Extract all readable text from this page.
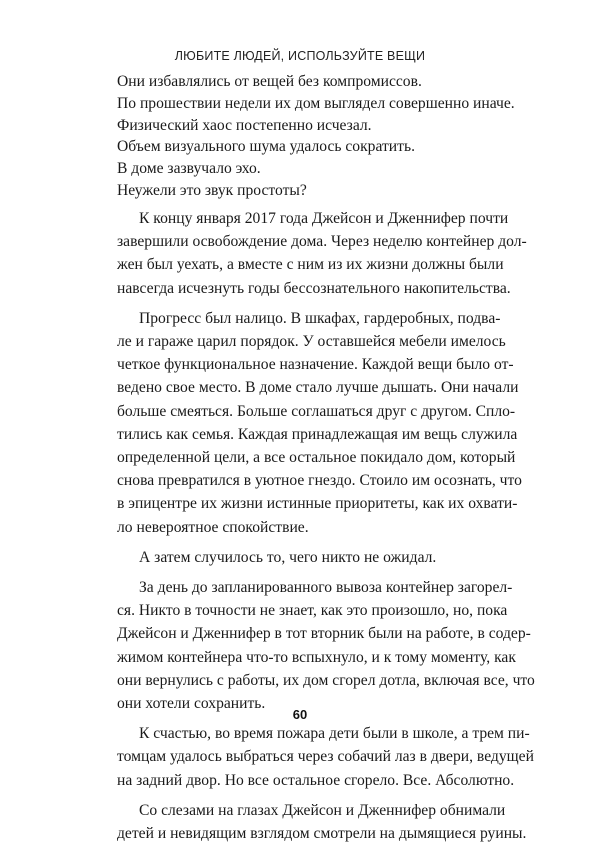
ЛЮБИТЕ ЛЮДЕЙ, ИСПОЛЬЗУЙТЕ ВЕЩИ
Они избавлялись от вещей без компромиссов.
По прошествии недели их дом выглядел совершенно иначе.
Физический хаос постепенно исчезал.
Объем визуального шума удалось сократить.
В доме зазвучало эхо.
Неужели это звук простоты?
К концу января 2017 года Джейсон и Дженнифер почти
завершили освобождение дома. Через неделю контейнер дол-
жен был уехать, а вместе с ним из их жизни должны были
навсегда исчезнуть годы бессознательного накопительства.
Прогресс был налицо. В шкафах, гардеробных, подва-
ле и гараже царил порядок. У оставшейся мебели имелось
четкое функциональное назначение. Каждой вещи было от-
ведено свое место. В доме стало лучше дышать. Они начали
больше смеяться. Больше соглашаться друг с другом. Спло-
тились как семья. Каждая принадлежащая им вещь служила
определенной цели, а все остальное покидало дом, который
снова превратился в уютное гнездо. Стоило им осознать, что
в эпицентре их жизни истинные приоритеты, как их охвати-
ло невероятное спокойствие.
А затем случилось то, чего никто не ожидал.
За день до запланированного вывоза контейнер загорел-
ся. Никто в точности не знает, как это произошло, но, пока
Джейсон и Дженнифер в тот вторник были на работе, в содер-
жимом контейнера что-то вспыхнуло, и к тому моменту, как
они вернулись с работы, их дом сгорел дотла, включая все, что
они хотели сохранить.
К счастью, во время пожара дети были в школе, а трем пи-
томцам удалось выбраться через собачий лаз в двери, ведущей
на задний двор. Но все остальное сгорело. Все. Абсолютно.
Со слезами на глазах Джейсон и Дженнифер обнимали
детей и невидящим взглядом смотрели на дымящиеся руины.
60
